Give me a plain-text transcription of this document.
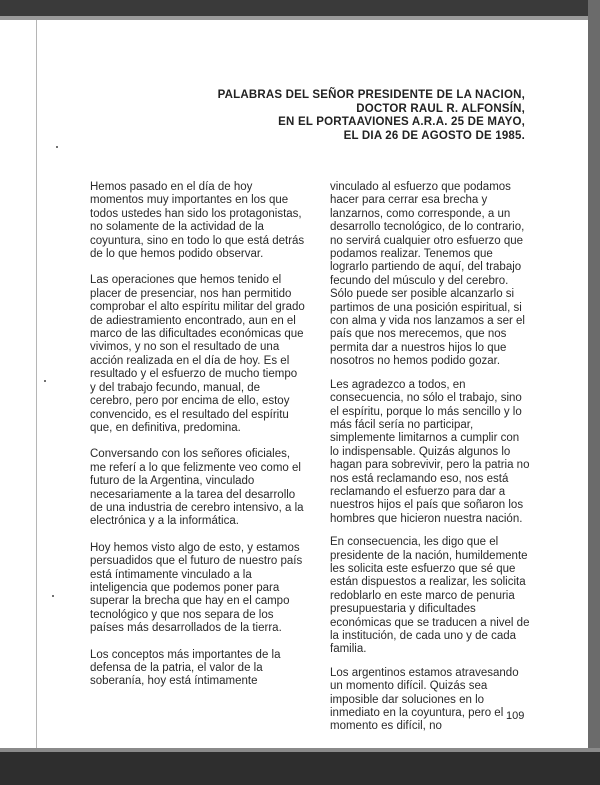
PALABRAS DEL SEÑOR PRESIDENTE DE LA NACION,
DOCTOR RAUL R. ALFONSÍN,
EN EL PORTAAVIONES A.R.A. 25 DE MAYO,
EL DIA 26 DE AGOSTO DE 1985.

Hemos pasado en el día de hoy momentos muy importantes en los que todos ustedes han sido los protagonistas, no solamente de la actividad de la coyuntura, sino en todo lo que está detrás de lo que hemos podido observar.

Las operaciones que hemos tenido el placer de presenciar, nos han permitido comprobar el alto espíritu militar del grado de adiestramiento encontrado, aun en el marco de las dificultades económicas que vivimos, y no son el resultado de una acción realizada en el día de hoy. Es el resultado y el esfuerzo de mucho tiempo y del trabajo fecundo, manual, de cerebro, pero por encima de ello, estoy convencido, es el resultado del espíritu que, en definitiva, predomina.

Conversando con los señores oficiales, me referí a lo que felizmente veo como el futuro de la Argentina, vinculado necesariamente a la tarea del desarrollo de una industria de cerebro intensivo, a la electrónica y a la informática.

Hoy hemos visto algo de esto, y estamos persuadidos que el futuro de nuestro país está íntimamente vinculado a la inteligencia que podemos poner para superar la brecha que hay en el campo tecnológico y que nos separa de los países más desarrollados de la tierra.

Los conceptos más importantes de la defensa de la patria, el valor de la soberanía, hoy está íntimamente

vinculado al esfuerzo que podamos hacer para cerrar esa brecha y lanzarnos, como corresponde, a un desarrollo tecnológico, de lo contrario, no servirá cualquier otro esfuerzo que podamos realizar. Tenemos que lograrlo partiendo de aquí, del trabajo fecundo del músculo y del cerebro. Sólo puede ser posible alcanzarlo si partimos de una posición espiritual, si con alma y vida nos lanzamos a ser el país que nos merecemos, que nos permita dar a nuestros hijos lo que nosotros no hemos podido gozar.

Les agradezco a todos, en consecuencia, no sólo el trabajo, sino el espíritu, porque lo más sencillo y lo más fácil sería no participar, simplemente limitarnos a cumplir con lo indispensable. Quizás algunos lo hagan para sobrevivir, pero la patria no nos está reclamando eso, nos está reclamando el esfuerzo para dar a nuestros hijos el país que soñaron los hombres que hicieron nuestra nación.

En consecuencia, les digo que el presidente de la nación, humildemente les solicita este esfuerzo que sé que están dispuestos a realizar, les solicita redoblarlo en este marco de penuria presupuestaria y dificultades económicas que se traducen a nivel de la institución, de cada uno y de cada familia.

Los argentinos estamos atravesando un momento difícil. Quizás sea imposible dar soluciones en lo inmediato en la coyuntura, pero el momento es difícil, no

109
